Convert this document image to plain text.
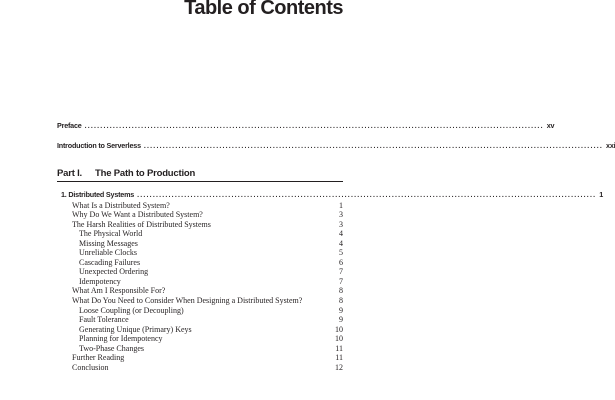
Table of Contents
Preface .................................................................................................................................................. xv
Introduction to Serverless .................................................................................................................................................. xxi
Part I. The Path to Production
1. Distributed Systems .................................................................................................................................................. 1
What Is a Distributed System?	1
Why Do We Want a Distributed System?	3
The Harsh Realities of Distributed Systems	3
The Physical World	4
Missing Messages	4
Unreliable Clocks	5
Cascading Failures	6
Unexpected Ordering	7
Idempotency	7
What Am I Responsible For?	8
What Do You Need to Consider When Designing a Distributed System?	8
Loose Coupling (or Decoupling)	9
Fault Tolerance	9
Generating Unique (Primary) Keys	10
Planning for Idempotency	10
Two-Phase Changes	11
Further Reading	11
Conclusion	12
